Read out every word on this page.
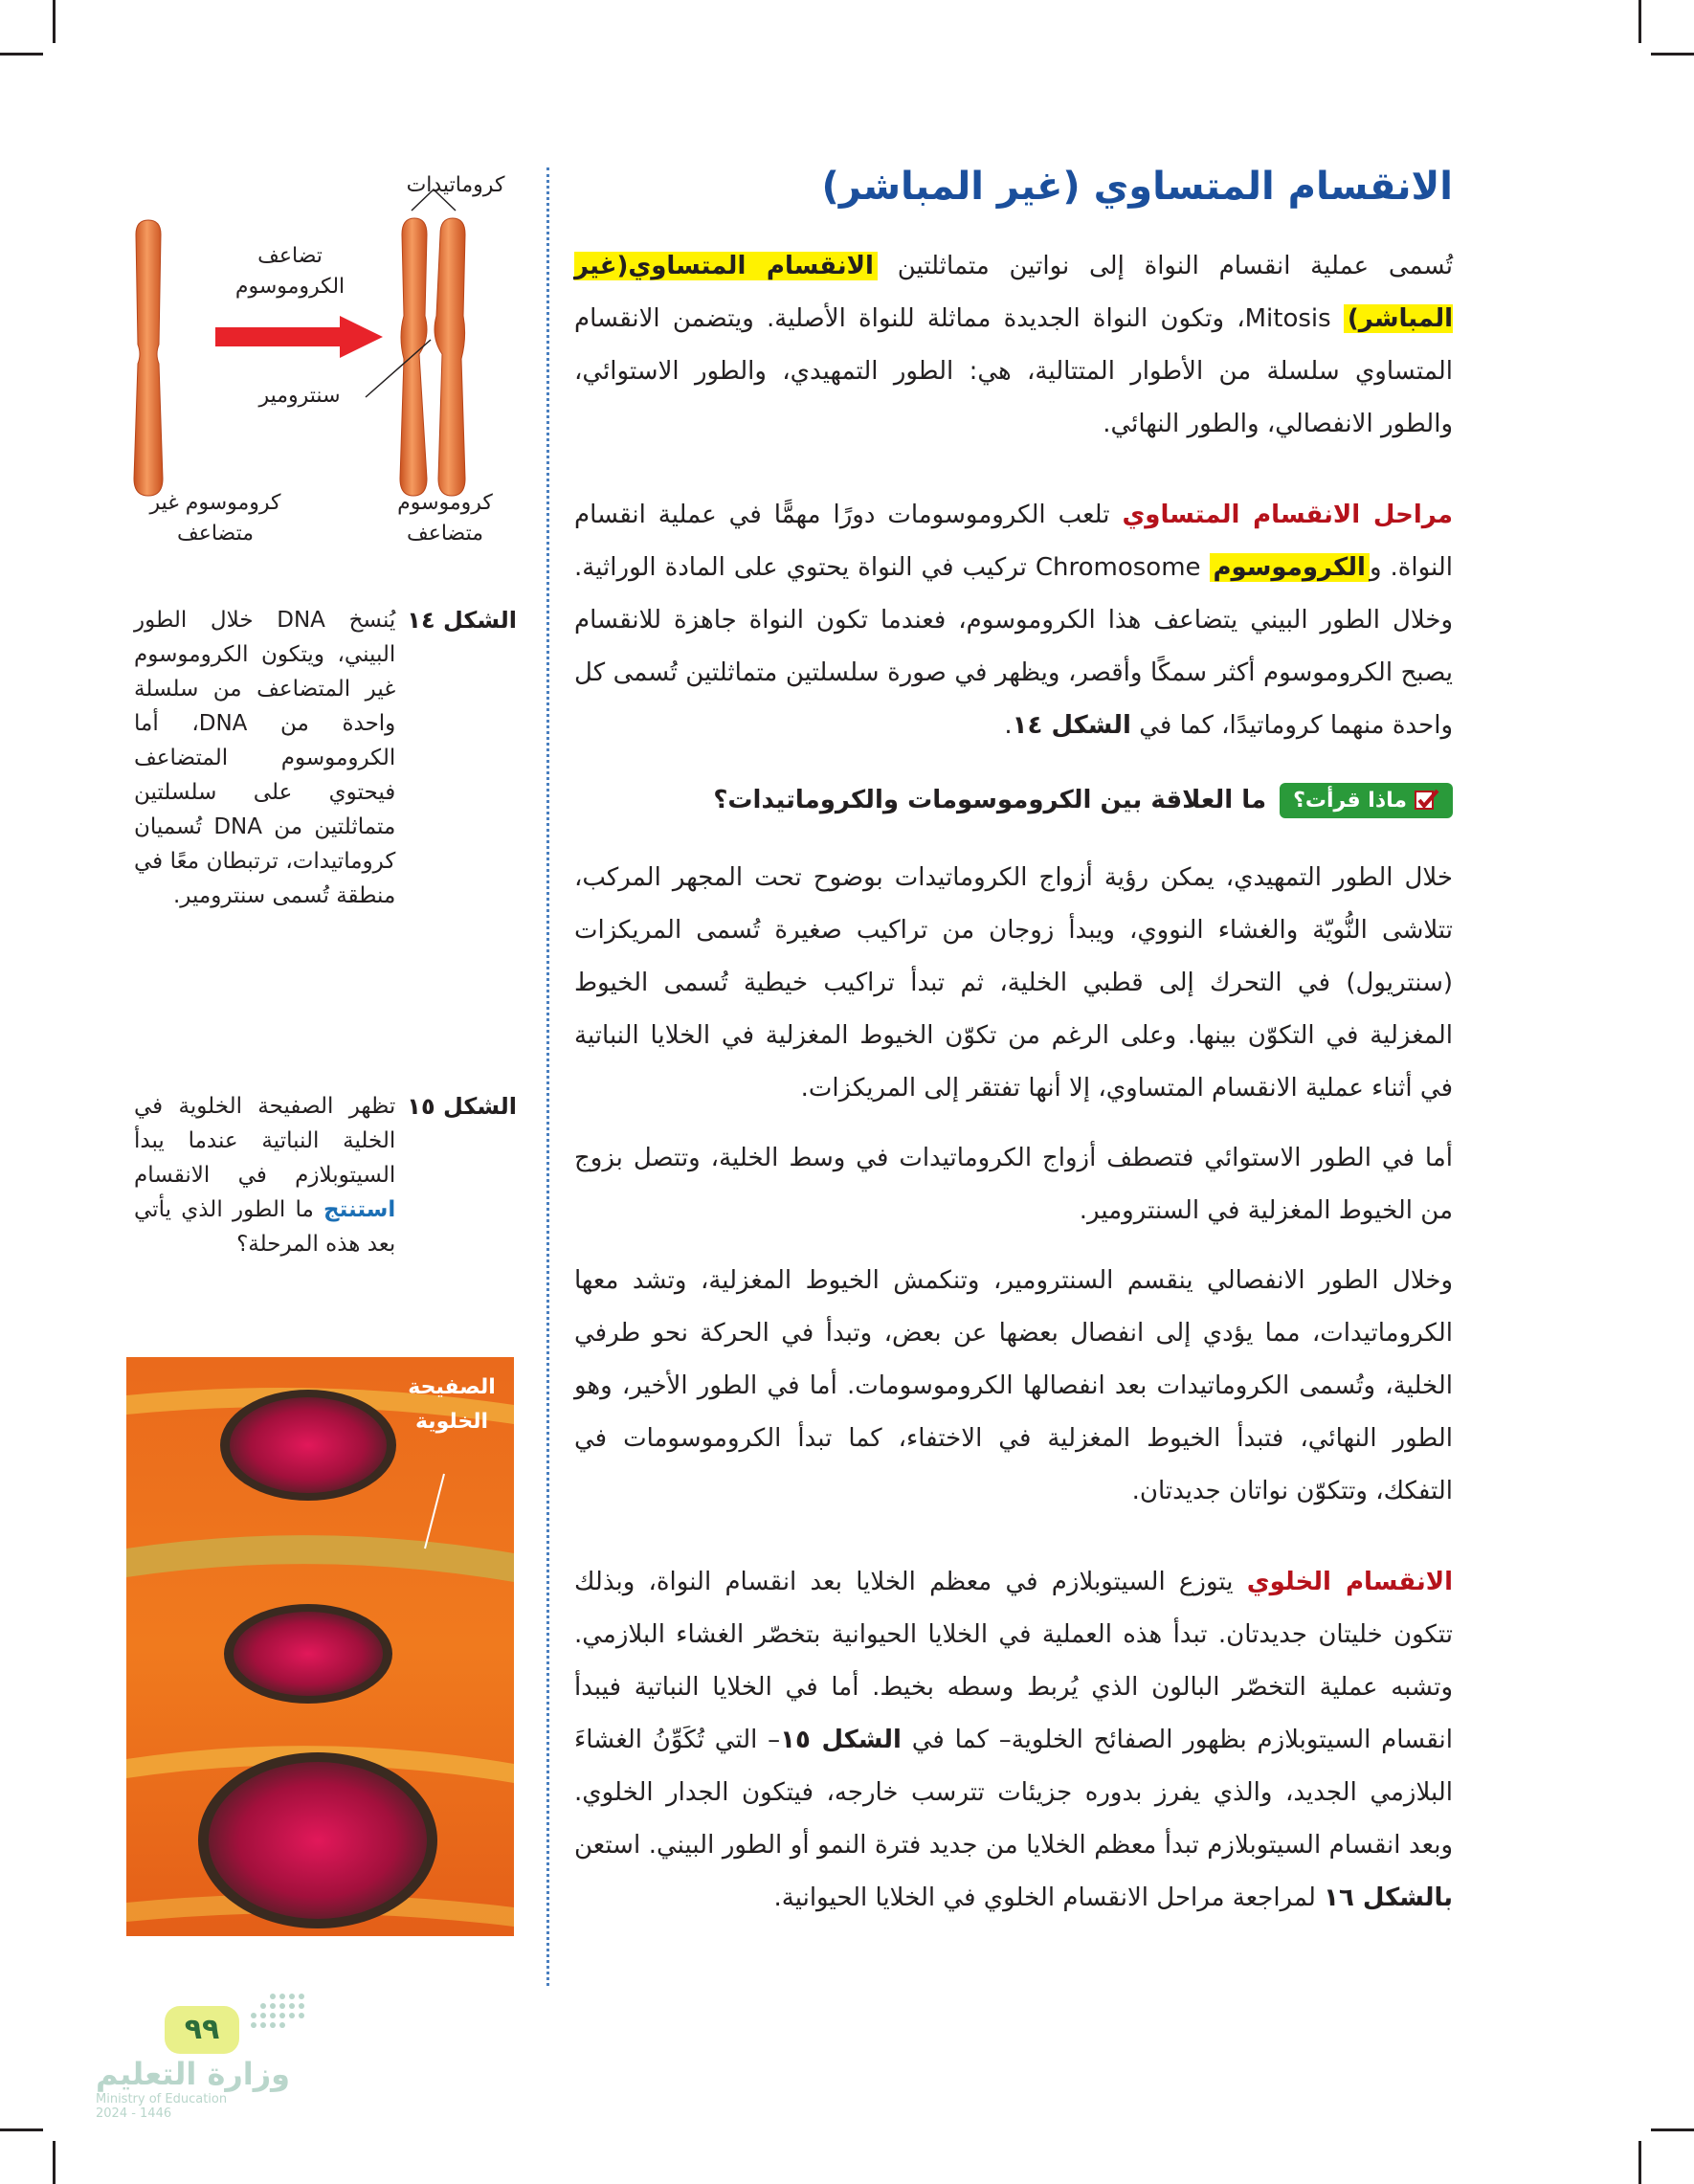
الانقسام المتساوي (غير المباشر)

تُسمى عملية انقسام النواة إلى نواتين متماثلتين الانقسام المتساوي(غير المباشر) Mitosis، وتكون النواة الجديدة مماثلة للنواة الأصلية. ويتضمن الانقسام المتساوي سلسلة من الأطوار المتتالية، هي: الطور التمهيدي، والطور الاستوائي، والطور الانفصالي، والطور النهائي.

مراحل الانقسام المتساوي تلعب الكروموسومات دورًا مهمًّا في عملية انقسام النواة. والكروموسوم Chromosome تركيب في النواة يحتوي على المادة الوراثية. وخلال الطور البيني يتضاعف هذا الكروموسوم، فعندما تكون النواة جاهزة للانقسام يصبح الكروموسوم أكثر سمكًا وأقصر، ويظهر في صورة سلسلتين متماثلتين تُسمى كل واحدة منهما كروماتيدًا، كما في الشكل ١٤.

ماذا قرأت؟
ما العلاقة بين الكروموسومات والكروماتيدات؟

خلال الطور التمهيدي، يمكن رؤية أزواج الكروماتيدات بوضوح تحت المجهر المركب، تتلاشى النُّويّة والغشاء النووي، ويبدأ زوجان من تراكيب صغيرة تُسمى المريكزات (سنتريول) في التحرك إلى قطبي الخلية، ثم تبدأ تراكيب خيطية تُسمى الخيوط المغزلية في التكوّن بينها. وعلى الرغم من تكوّن الخيوط المغزلية في الخلايا النباتية في أثناء عملية الانقسام المتساوي، إلا أنها تفتقر إلى المريكزات.

أما في الطور الاستوائي فتصطف أزواج الكروماتيدات في وسط الخلية، وتتصل بزوج من الخيوط المغزلية في السنترومير.

وخلال الطور الانفصالي ينقسم السنترومير، وتنكمش الخيوط المغزلية، وتشد معها الكروماتيدات، مما يؤدي إلى انفصال بعضها عن بعض، وتبدأ في الحركة نحو طرفي الخلية، وتُسمى الكروماتيدات بعد انفصالها الكروموسومات. أما في الطور الأخير، وهو الطور النهائي، فتبدأ الخيوط المغزلية في الاختفاء، كما تبدأ الكروموسومات في التفكك، وتتكوّن نواتان جديدتان.

الانقسام الخلوي يتوزع السيتوبلازم في معظم الخلايا بعد انقسام النواة، وبذلك تتكون خليتان جديدتان. تبدأ هذه العملية في الخلايا الحيوانية بتخصّر الغشاء البلازمي. وتشبه عملية التخصّر البالون الذي يُربط وسطه بخيط. أما في الخلايا النباتية فيبدأ انقسام السيتوبلازم بظهور الصفائح الخلوية– كما في الشكل ١٥– التي تُكَوِّنُ الغشاءَ البلازمي الجديد، والذي يفرز بدوره جزيئات تترسب خارجه، فيتكون الجدار الخلوي. وبعد انقسام السيتوبلازم تبدأ معظم الخلايا من جديد فترة النمو أو الطور البيني. استعن بالشكل ١٦ لمراجعة مراحل الانقسام الخلوي في الخلايا الحيوانية.

كروماتيدات
تضاعف الكروموسوم
سنترومير
كروموسوم غير متضاعف
كروموسوم متضاعف
الشكل ١٤
يُنسخ DNA خلال الطور البيني، ويتكون الكروموسوم غير المتضاعف من سلسلة واحدة من DNA، أما الكروموسوم المتضاعف فيحتوي على سلسلتين متماثلتين من DNA تُسميان كروماتيدات، ترتبطان معًا في منطقة تُسمى سنترومير.
الشكل ١٥
تظهر الصفيحة الخلوية في الخلية النباتية عندما يبدأ السيتوبلازم في الانقسام استنتج ما الطور الذي يأتي بعد هذه المرحلة؟
الصفيحة الخلوية
٩٩
وزارة التعليم
Ministry of Education
2024 - 1446
